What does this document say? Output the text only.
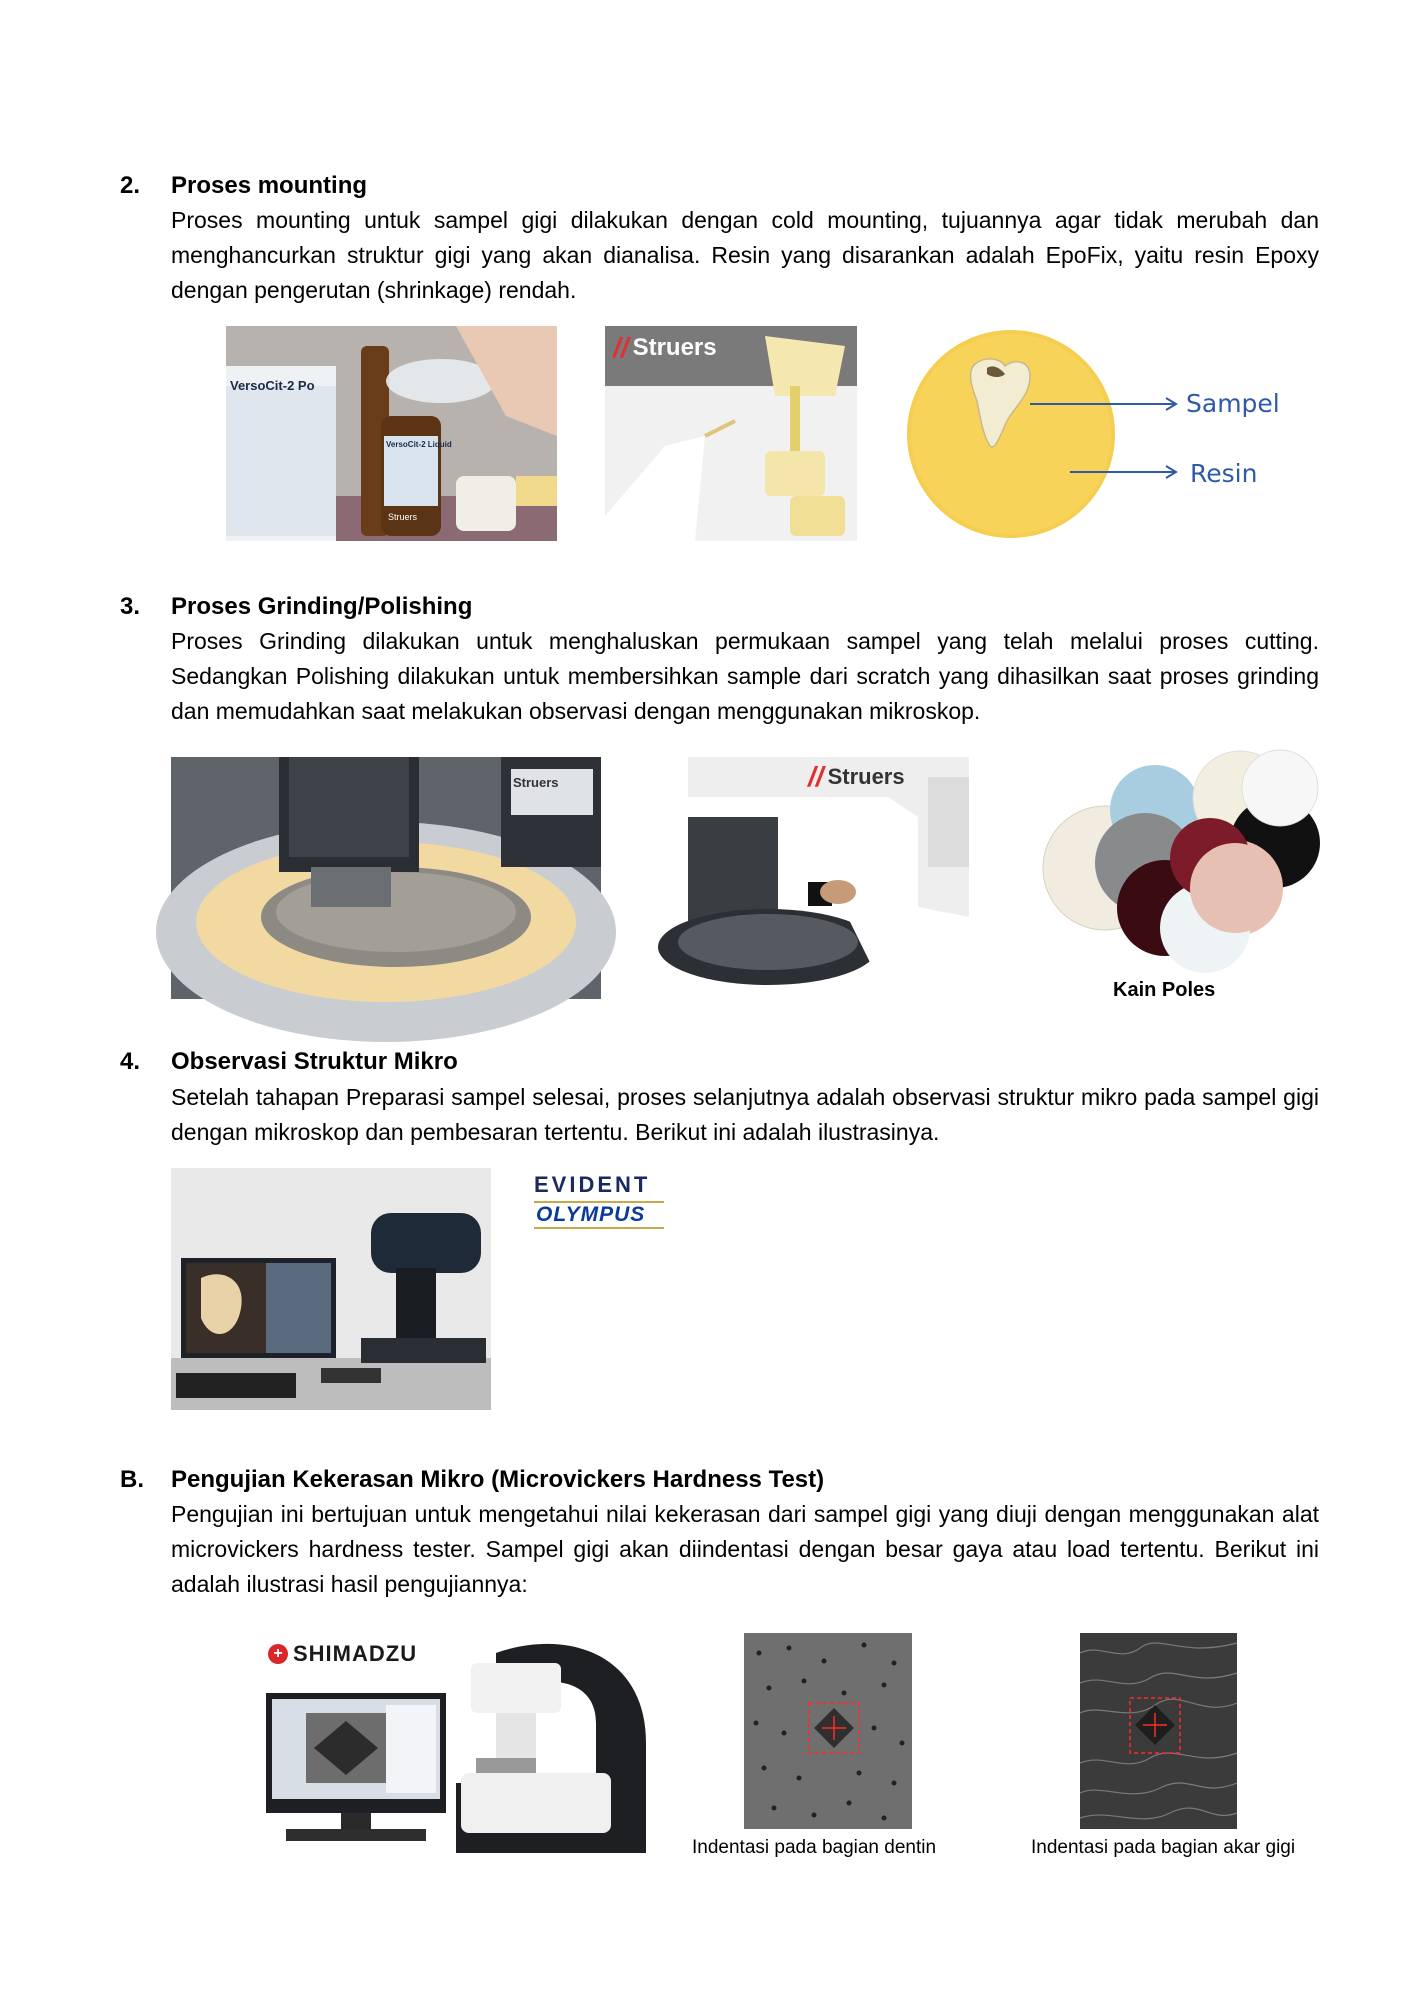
2. Proses mounting

Proses mounting untuk sampel gigi dilakukan dengan cold mounting, tujuannya agar tidak merubah dan menghancurkan struktur gigi yang akan dianalisa. Resin yang disarankan adalah EpoFix, yaitu resin Epoxy dengan pengerutan (shrinkage) rendah.

VersoCit-2 Po
VersoCit-2 Liquid
Struers
// Struers
Sampel
Resin
3. Proses Grinding/Polishing

Proses Grinding dilakukan untuk menghaluskan permukaan sampel yang telah melalui proses cutting. Sedangkan Polishing dilakukan untuk membersihkan sample dari scratch yang dihasilkan saat proses grinding dan memudahkan saat melakukan observasi dengan menggunakan mikroskop.

Struers	// Struers
Kain Poles
4. Observasi Struktur Mikro

Setelah tahapan Preparasi sampel selesai, proses selanjutnya adalah observasi struktur mikro pada sampel gigi dengan mikroskop dan pembesaran tertentu. Berikut ini adalah ilustrasinya.

EVIDENT
OLYMPUS
B. Pengujian Kekerasan Mikro (Microvickers Hardness Test)

Pengujian ini bertujuan untuk mengetahui nilai kekerasan dari sampel gigi yang diuji dengan menggunakan alat microvickers hardness tester. Sampel gigi akan diindentasi dengan besar gaya atau load tertentu. Berikut ini adalah ilustrasi hasil pengujiannya:

+ SHIMADZU
Indentasi pada bagian dentin	Indentasi pada bagian akar gigi
